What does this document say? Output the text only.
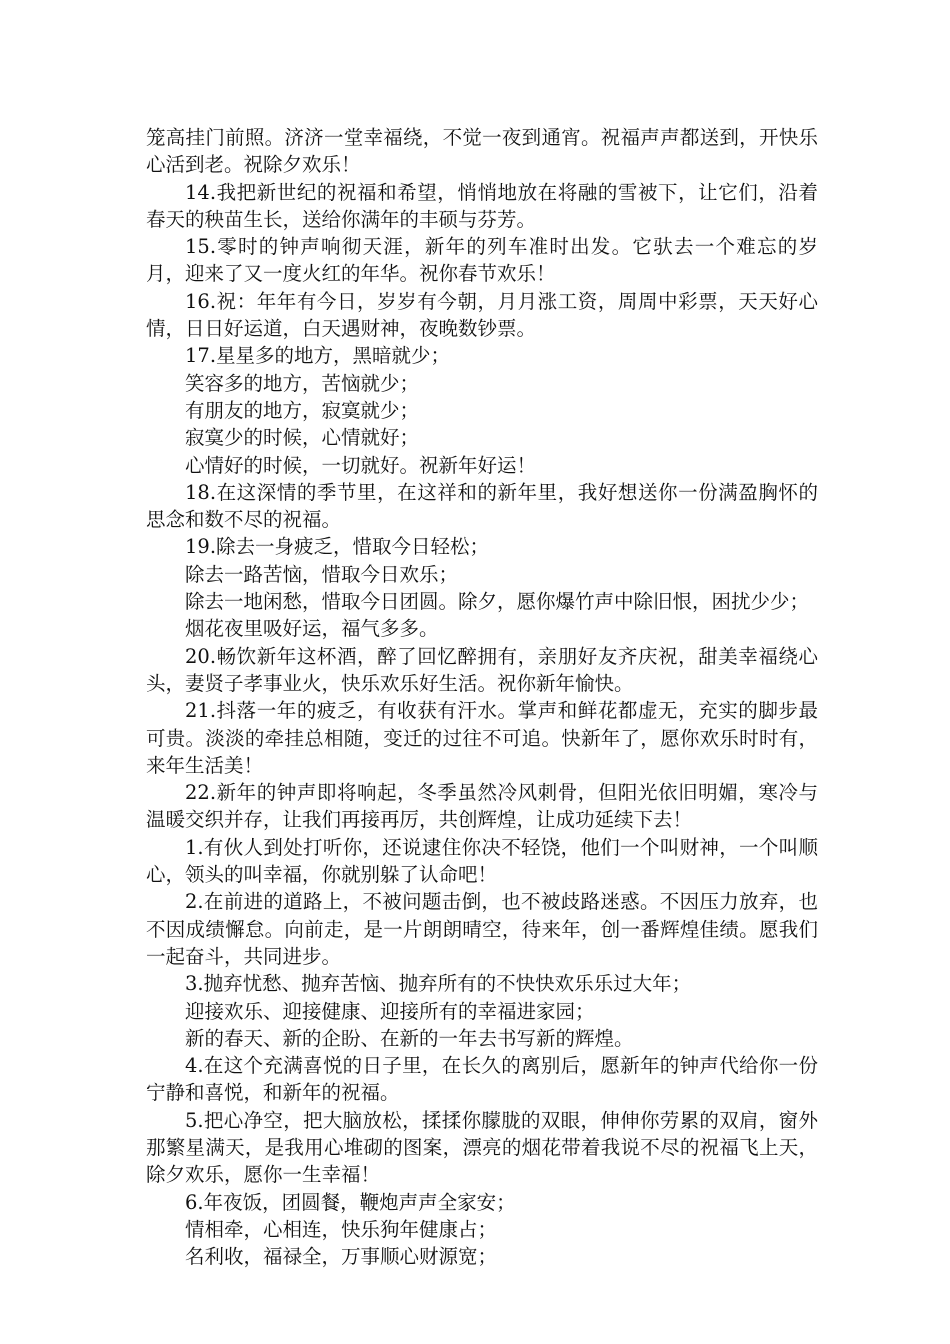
笼高挂门前照。济济一堂幸福绕，不觉一夜到通宵。祝福声声都送到，开快乐心活到老。祝除夕欢乐！

14.我把新世纪的祝福和希望，悄悄地放在将融的雪被下，让它们，沿着春天的秧苗生长，送给你满年的丰硕与芬芳。

15.零时的钟声响彻天涯，新年的列车准时出发。它驮去一个难忘的岁月，迎来了又一度火红的年华。祝你春节欢乐！

16.祝：年年有今日，岁岁有今朝，月月涨工资，周周中彩票，天天好心情，日日好运道，白天遇财神，夜晚数钞票。

17.星星多的地方，黑暗就少；

笑容多的地方，苦恼就少；

有朋友的地方，寂寞就少；

寂寞少的时候，心情就好；

心情好的时候，一切就好。祝新年好运！

18.在这深情的季节里，在这祥和的新年里，我好想送你一份满盈胸怀的思念和数不尽的祝福。

19.除去一身疲乏，惜取今日轻松；

除去一路苦恼，惜取今日欢乐；

除去一地闲愁，惜取今日团圆。除夕，愿你爆竹声中除旧恨，困扰少少；

烟花夜里吸好运，福气多多。

20.畅饮新年这杯酒，醉了回忆醉拥有，亲朋好友齐庆祝，甜美幸福绕心头，妻贤子孝事业火，快乐欢乐好生活。祝你新年愉快。

21.抖落一年的疲乏，有收获有汗水。掌声和鲜花都虚无，充实的脚步最可贵。淡淡的牵挂总相随，变迁的过往不可追。快新年了，愿你欢乐时时有，来年生活美！

22.新年的钟声即将响起，冬季虽然冷风刺骨，但阳光依旧明媚，寒冷与温暖交织并存，让我们再接再厉，共创辉煌，让成功延续下去！

1.有伙人到处打听你，还说逮住你决不轻饶，他们一个叫财神，一个叫顺心，领头的叫幸福，你就别躲了认命吧！

2.在前进的道路上，不被问题击倒，也不被歧路迷惑。不因压力放弃，也不因成绩懈怠。向前走，是一片朗朗晴空，待来年，创一番辉煌佳绩。愿我们一起奋斗，共同进步。

3.抛弃忧愁、抛弃苦恼、抛弃所有的不快快欢乐乐过大年；

迎接欢乐、迎接健康、迎接所有的幸福进家园；

新的春天、新的企盼、在新的一年去书写新的辉煌。

4.在这个充满喜悦的日子里，在长久的离别后，愿新年的钟声代给你一份宁静和喜悦，和新年的祝福。

5.把心净空，把大脑放松，揉揉你朦胧的双眼，伸伸你劳累的双肩，窗外那繁星满天，是我用心堆砌的图案，漂亮的烟花带着我说不尽的祝福飞上天，除夕欢乐，愿你一生幸福！

6.年夜饭，团圆餐，鞭炮声声全家安；

情相牵，心相连，快乐狗年健康占；

名利收，福禄全，万事顺心财源宽；
